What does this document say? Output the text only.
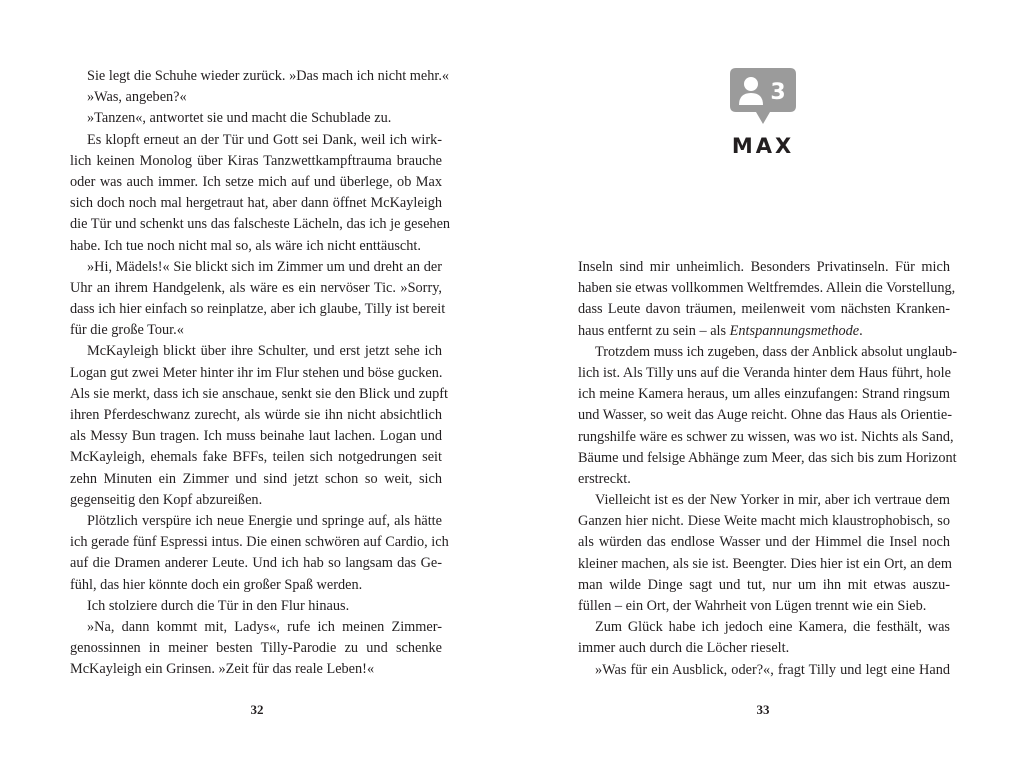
Sie legt die Schuhe wieder zurück. »Das mach ich nicht mehr.«
»Was, angeben?«
»Tanzen«, antwortet sie und macht die Schublade zu.
Es klopft erneut an der Tür und Gott sei Dank, weil ich wirk-
lich keinen Monolog über Kiras Tanzwettkampftrauma brauche
oder was auch immer. Ich setze mich auf und überlege, ob Max
sich doch noch mal hergetraut hat, aber dann öffnet McKayleigh
die Tür und schenkt uns das falscheste Lächeln, das ich je gesehen
habe. Ich tue noch nicht mal so, als wäre ich nicht enttäuscht.
»Hi, Mädels!« Sie blickt sich im Zimmer um und dreht an der
Uhr an ihrem Handgelenk, als wäre es ein nervöser Tic. »Sorry,
dass ich hier einfach so reinplatze, aber ich glaube, Tilly ist bereit
für die große Tour.«
McKayleigh blickt über ihre Schulter, und erst jetzt sehe ich
Logan gut zwei Meter hinter ihr im Flur stehen und böse gucken.
Als sie merkt, dass ich sie anschaue, senkt sie den Blick und zupft
ihren Pferdeschwanz zurecht, als würde sie ihn nicht absichtlich
als Messy Bun tragen. Ich muss beinahe laut lachen. Logan und
McKayleigh, ehemals fake BFFs, teilen sich notgedrungen seit
zehn Minuten ein Zimmer und sind jetzt schon so weit, sich
gegenseitig den Kopf abzureißen.
Plötzlich verspüre ich neue Energie und springe auf, als hätte
ich gerade fünf Espressi intus. Die einen schwören auf Cardio, ich
auf die Dramen anderer Leute. Und ich hab so langsam das Ge-
fühl, das hier könnte doch ein großer Spaß werden.
Ich stolziere durch die Tür in den Flur hinaus.
»Na, dann kommt mit, Ladys«, rufe ich meinen Zimmer-
genossinnen in meiner besten Tilly-Parodie zu und schenke
McKayleigh ein Grinsen. »Zeit für das reale Leben!«
32
3
MAX
Inseln sind mir unheimlich. Besonders Privatinseln. Für mich
haben sie etwas vollkommen Weltfremdes. Allein die Vorstellung,
dass Leute davon träumen, meilenweit vom nächsten Kranken-
haus entfernt zu sein – als Entspannungsmethode.
Trotzdem muss ich zugeben, dass der Anblick absolut unglaub-
lich ist. Als Tilly uns auf die Veranda hinter dem Haus führt, hole
ich meine Kamera heraus, um alles einzufangen: Strand ringsum
und Wasser, so weit das Auge reicht. Ohne das Haus als Orientie-
rungshilfe wäre es schwer zu wissen, was wo ist. Nichts als Sand,
Bäume und felsige Abhänge zum Meer, das sich bis zum Horizont
erstreckt.
Vielleicht ist es der New Yorker in mir, aber ich vertraue dem
Ganzen hier nicht. Diese Weite macht mich klaustrophobisch, so
als würden das endlose Wasser und der Himmel die Insel noch
kleiner machen, als sie ist. Beengter. Dies hier ist ein Ort, an dem
man wilde Dinge sagt und tut, nur um ihn mit etwas auszu-
füllen – ein Ort, der Wahrheit von Lügen trennt wie ein Sieb.
Zum Glück habe ich jedoch eine Kamera, die festhält, was
immer auch durch die Löcher rieselt.
»Was für ein Ausblick, oder?«, fragt Tilly und legt eine Hand
33
